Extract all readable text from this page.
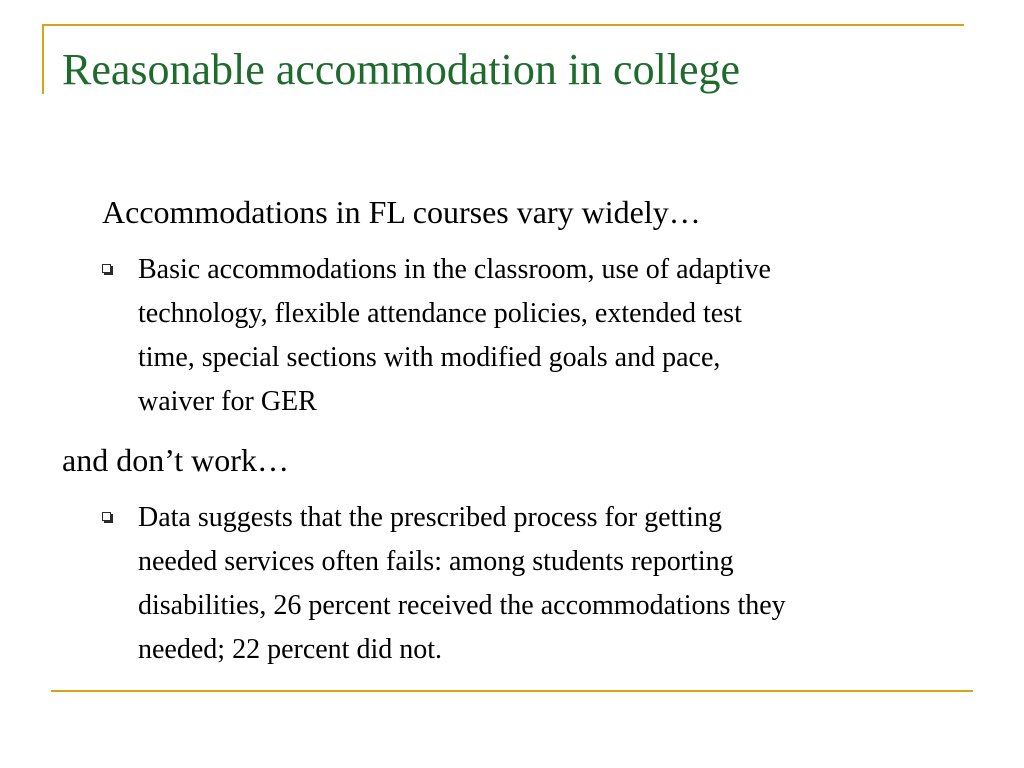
Reasonable accommodation in college
Accommodations in FL courses vary widely…
Basic accommodations in the classroom, use of adaptive
technology, flexible attendance policies, extended test
time, special sections with modified goals and pace,
waiver for GER
and don’t work…
Data suggests that the prescribed process for getting
needed services often fails: among students reporting
disabilities, 26 percent received the accommodations they
needed; 22 percent did not.
